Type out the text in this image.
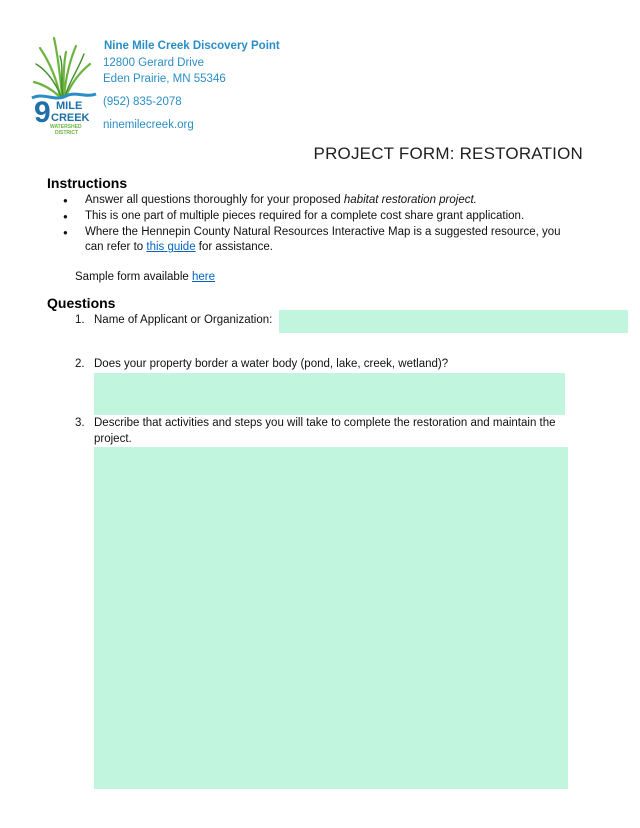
9 MILE
CREEK
WATERSHED
DISTRICT
Nine Mile Creek Discovery Point
12800 Gerard Drive
Eden Prairie, MN 55346
(952) 835-2078
ninemilecreek.org
PROJECT FORM: RESTORATION
Instructions
● Answer all questions thoroughly for your proposed habitat restoration project.
● This is one part of multiple pieces required for a complete cost share grant application.
● Where the Hennepin County Natural Resources Interactive Map is a suggested resource, you can refer to this guide for assistance.
Sample form available here
Questions
1. Name of Applicant or Organization:
2. Does your property border a water body (pond, lake, creek, wetland)?
3. Describe that activities and steps you will take to complete the restoration and maintain the project.
